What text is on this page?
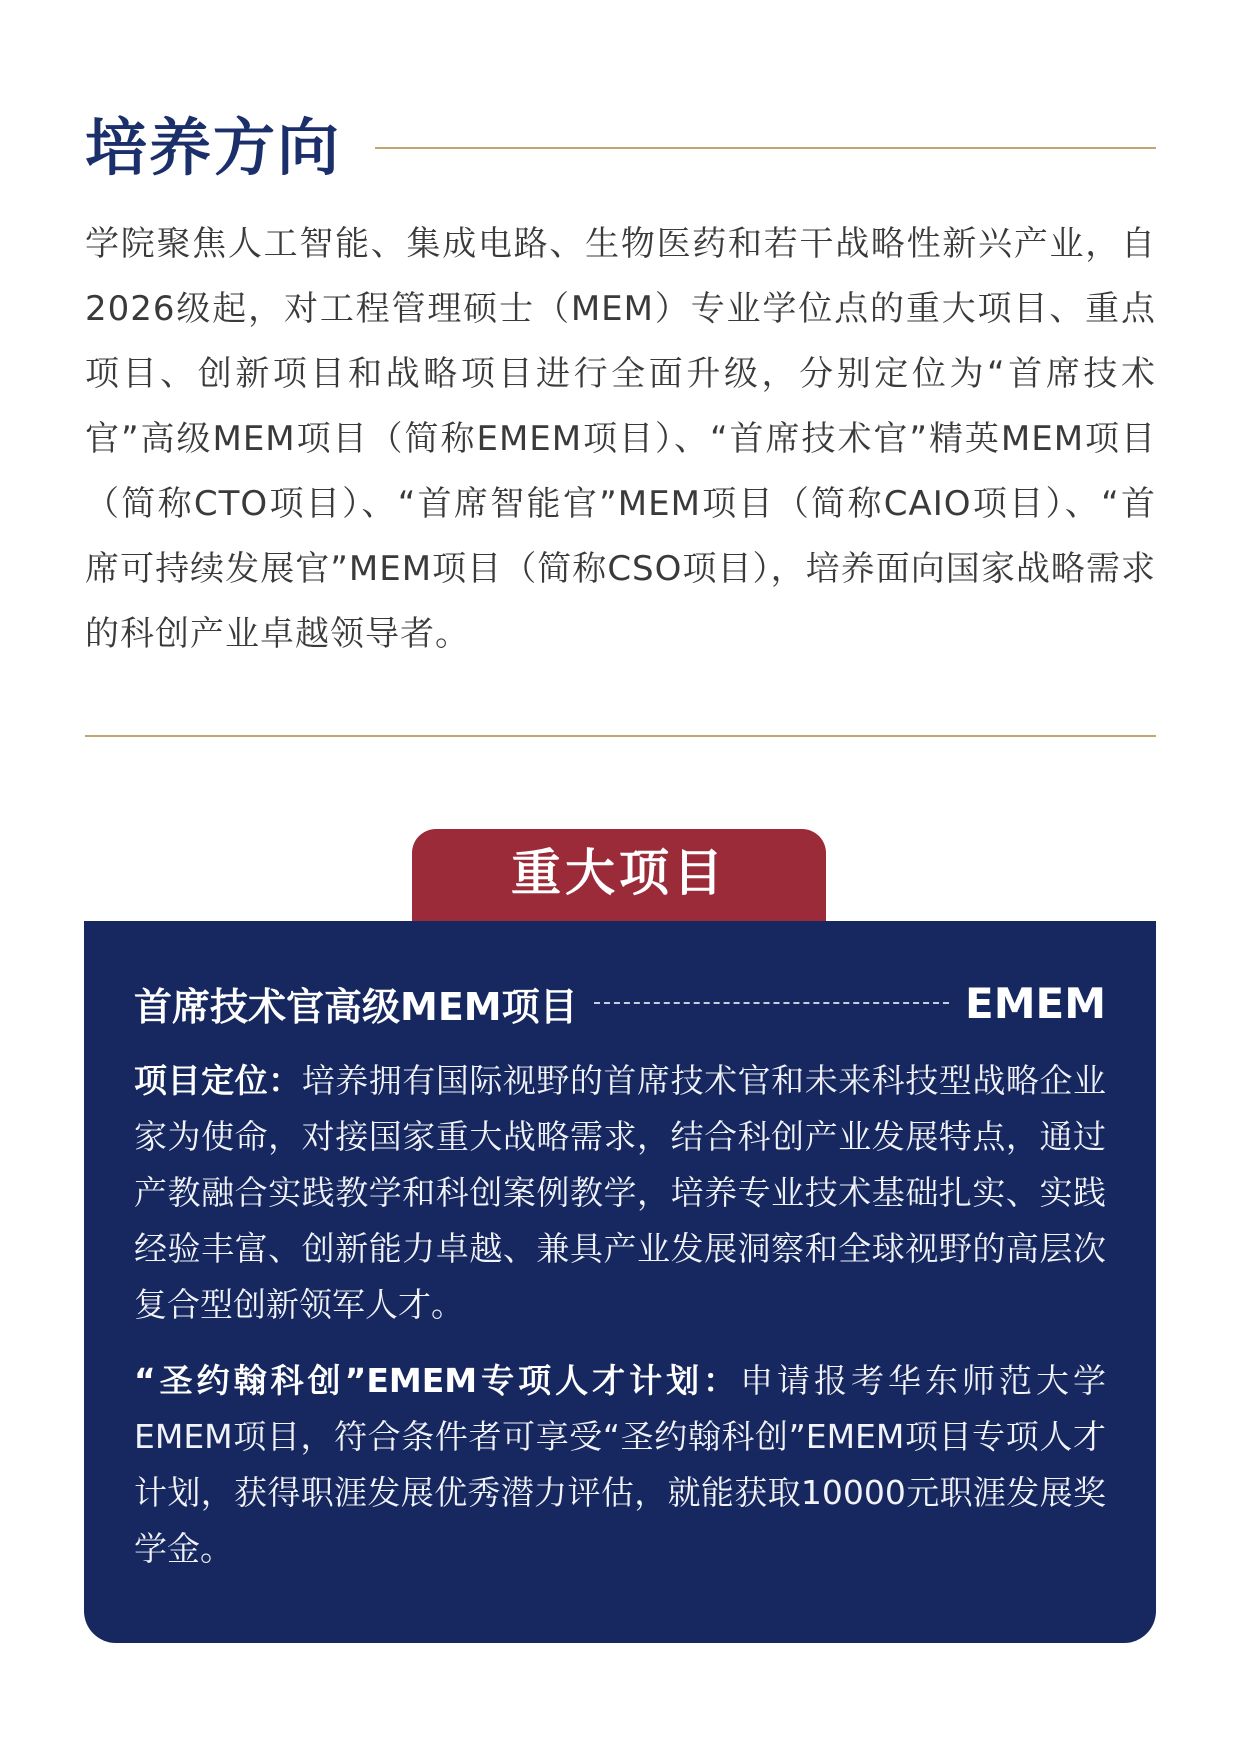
培养方向

学院聚焦人工智能、集成电路、生物医药和若干战略性新兴产业，自2026级起，对工程管理硕士（MEM）专业学位点的重大项目、重点项目、创新项目和战略项目进行全面升级，分别定位为“首席技术官”高级MEM项目（简称EMEM项目）、“首席技术官”精英MEM项目（简称CTO项目）、“首席智能官”MEM项目（简称CAIO项目）、“首席可持续发展官”MEM项目（简称CSO项目），培养面向国家战略需求的科创产业卓越领导者。

重大项目
首席技术官高级MEM项目	EMEM

项目定位：培养拥有国际视野的首席技术官和未来科技型战略企业家为使命，对接国家重大战略需求，结合科创产业发展特点，通过产教融合实践教学和科创案例教学，培养专业技术基础扎实、实践经验丰富、创新能力卓越、兼具产业发展洞察和全球视野的高层次复合型创新领军人才。

“圣约翰科创”EMEM专项人才计划：申请报考华东师范大学EMEM项目，符合条件者可享受“圣约翰科创”EMEM项目专项人才计划，获得职涯发展优秀潜力评估，就能获取10000元职涯发展奖学金。
